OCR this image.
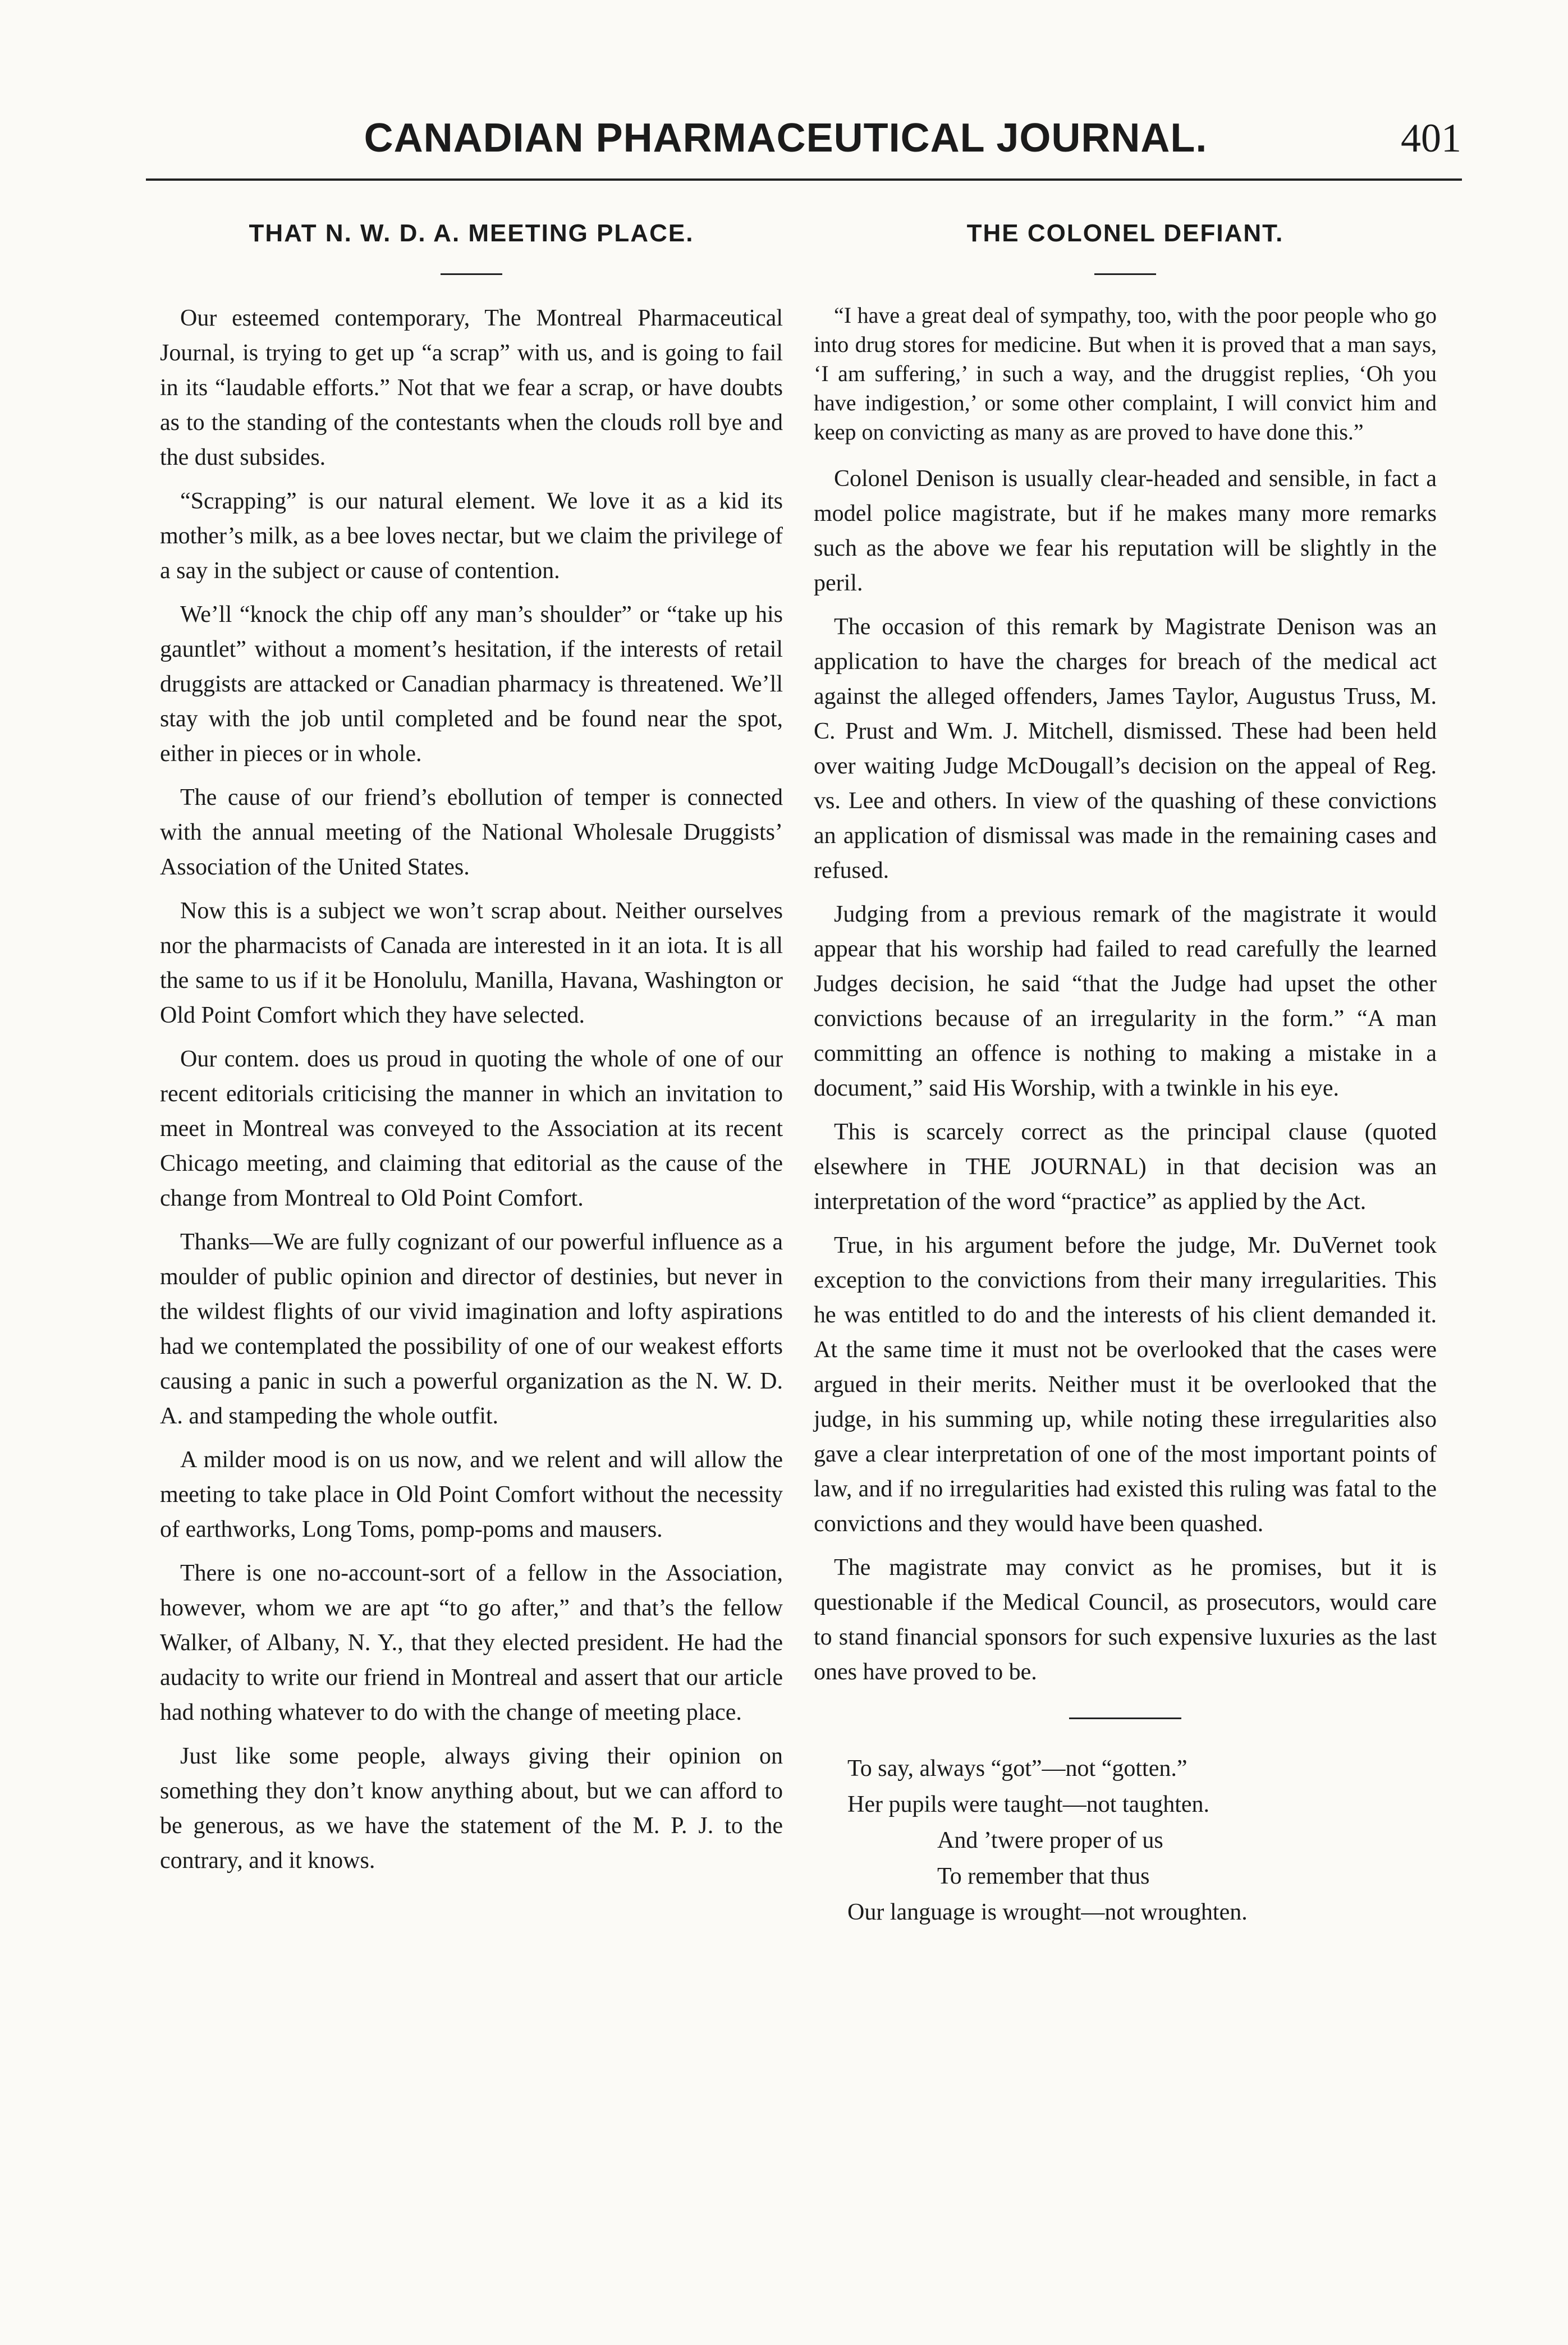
CANADIAN PHARMACEUTICAL JOURNAL.	401
THAT N. W. D. A. MEETING PLACE.

Our esteemed contemporary, The Montreal Pharmaceutical Journal, is trying to get up “a scrap” with us, and is going to fail in its “laudable efforts.” Not that we fear a scrap, or have doubts as to the standing of the contestants when the clouds roll bye and the dust subsides.

“Scrapping” is our natural element. We love it as a kid its mother’s milk, as a bee loves nectar, but we claim the privilege of a say in the subject or cause of contention.

We’ll “knock the chip off any man’s shoulder” or “take up his gauntlet” without a moment’s hesitation, if the interests of retail druggists are attacked or Canadian pharmacy is threatened. We’ll stay with the job until completed and be found near the spot, either in pieces or in whole.

The cause of our friend’s ebollution of temper is connected with the annual meeting of the National Wholesale Druggists’ Association of the United States.

Now this is a subject we won’t scrap about. Neither ourselves nor the pharmacists of Canada are interested in it an iota. It is all the same to us if it be Honolulu, Manilla, Havana, Washington or Old Point Comfort which they have selected.

Our contem. does us proud in quoting the whole of one of our recent editorials criticising the manner in which an invitation to meet in Montreal was conveyed to the Association at its recent Chicago meeting, and claiming that editorial as the cause of the change from Montreal to Old Point Comfort.

Thanks—We are fully cognizant of our powerful influence as a moulder of public opinion and director of destinies, but never in the wildest flights of our vivid imagination and lofty aspirations had we contemplated the possibility of one of our weakest efforts causing a panic in such a powerful organization as the N. W. D. A. and stampeding the whole outfit.

A milder mood is on us now, and we relent and will allow the meeting to take place in Old Point Comfort without the necessity of earthworks, Long Toms, pomp-poms and mausers.

There is one no-account-sort of a fellow in the Association, however, whom we are apt “to go after,” and that’s the fellow Walker, of Albany, N. Y., that they elected president. He had the audacity to write our friend in Montreal and assert that our article had nothing whatever to do with the change of meeting place.

Just like some people, always giving their opinion on something they don’t know anything about, but we can afford to be generous, as we have the statement of the M. P. J. to the contrary, and it knows.

THE COLONEL DEFIANT.

“I have a great deal of sympathy, too, with the poor people who go into drug stores for medicine. But when it is proved that a man says, ‘I am suffering,’ in such a way, and the druggist replies, ‘Oh you have indigestion,’ or some other complaint, I will convict him and keep on convicting as many as are proved to have done this.”

Colonel Denison is usually clear-headed and sensible, in fact a model police magistrate, but if he makes many more remarks such as the above we fear his reputation will be slightly in the peril.

The occasion of this remark by Magistrate Denison was an application to have the charges for breach of the medical act against the alleged offenders, James Taylor, Augustus Truss, M. C. Prust and Wm. J. Mitchell, dismissed. These had been held over waiting Judge McDougall’s decision on the appeal of Reg. vs. Lee and others. In view of the quashing of these convictions an application of dismissal was made in the remaining cases and refused.

Judging from a previous remark of the magistrate it would appear that his worship had failed to read carefully the learned Judges decision, he said “that the Judge had upset the other convictions because of an irregularity in the form.” “A man committing an offence is nothing to making a mistake in a document,” said His Worship, with a twinkle in his eye.

This is scarcely correct as the principal clause (quoted elsewhere in THE JOURNAL) in that decision was an interpretation of the word “practice” as applied by the Act.

True, in his argument before the judge, Mr. DuVernet took exception to the convictions from their many irregularities. This he was entitled to do and the interests of his client demanded it. At the same time it must not be overlooked that the cases were argued in their merits. Neither must it be overlooked that the judge, in his summing up, while noting these irregularities also gave a clear interpretation of one of the most important points of law, and if no irregularities had existed this ruling was fatal to the convictions and they would have been quashed.

The magistrate may convict as he promises, but it is questionable if the Medical Council, as prosecutors, would care to stand financial sponsors for such expensive luxuries as the last ones have proved to be.

To say, always “got”—not “gotten.”
Her pupils were taught—not taughten.
And ’twere proper of us
To remember that thus
Our language is wrought—not wroughten.
